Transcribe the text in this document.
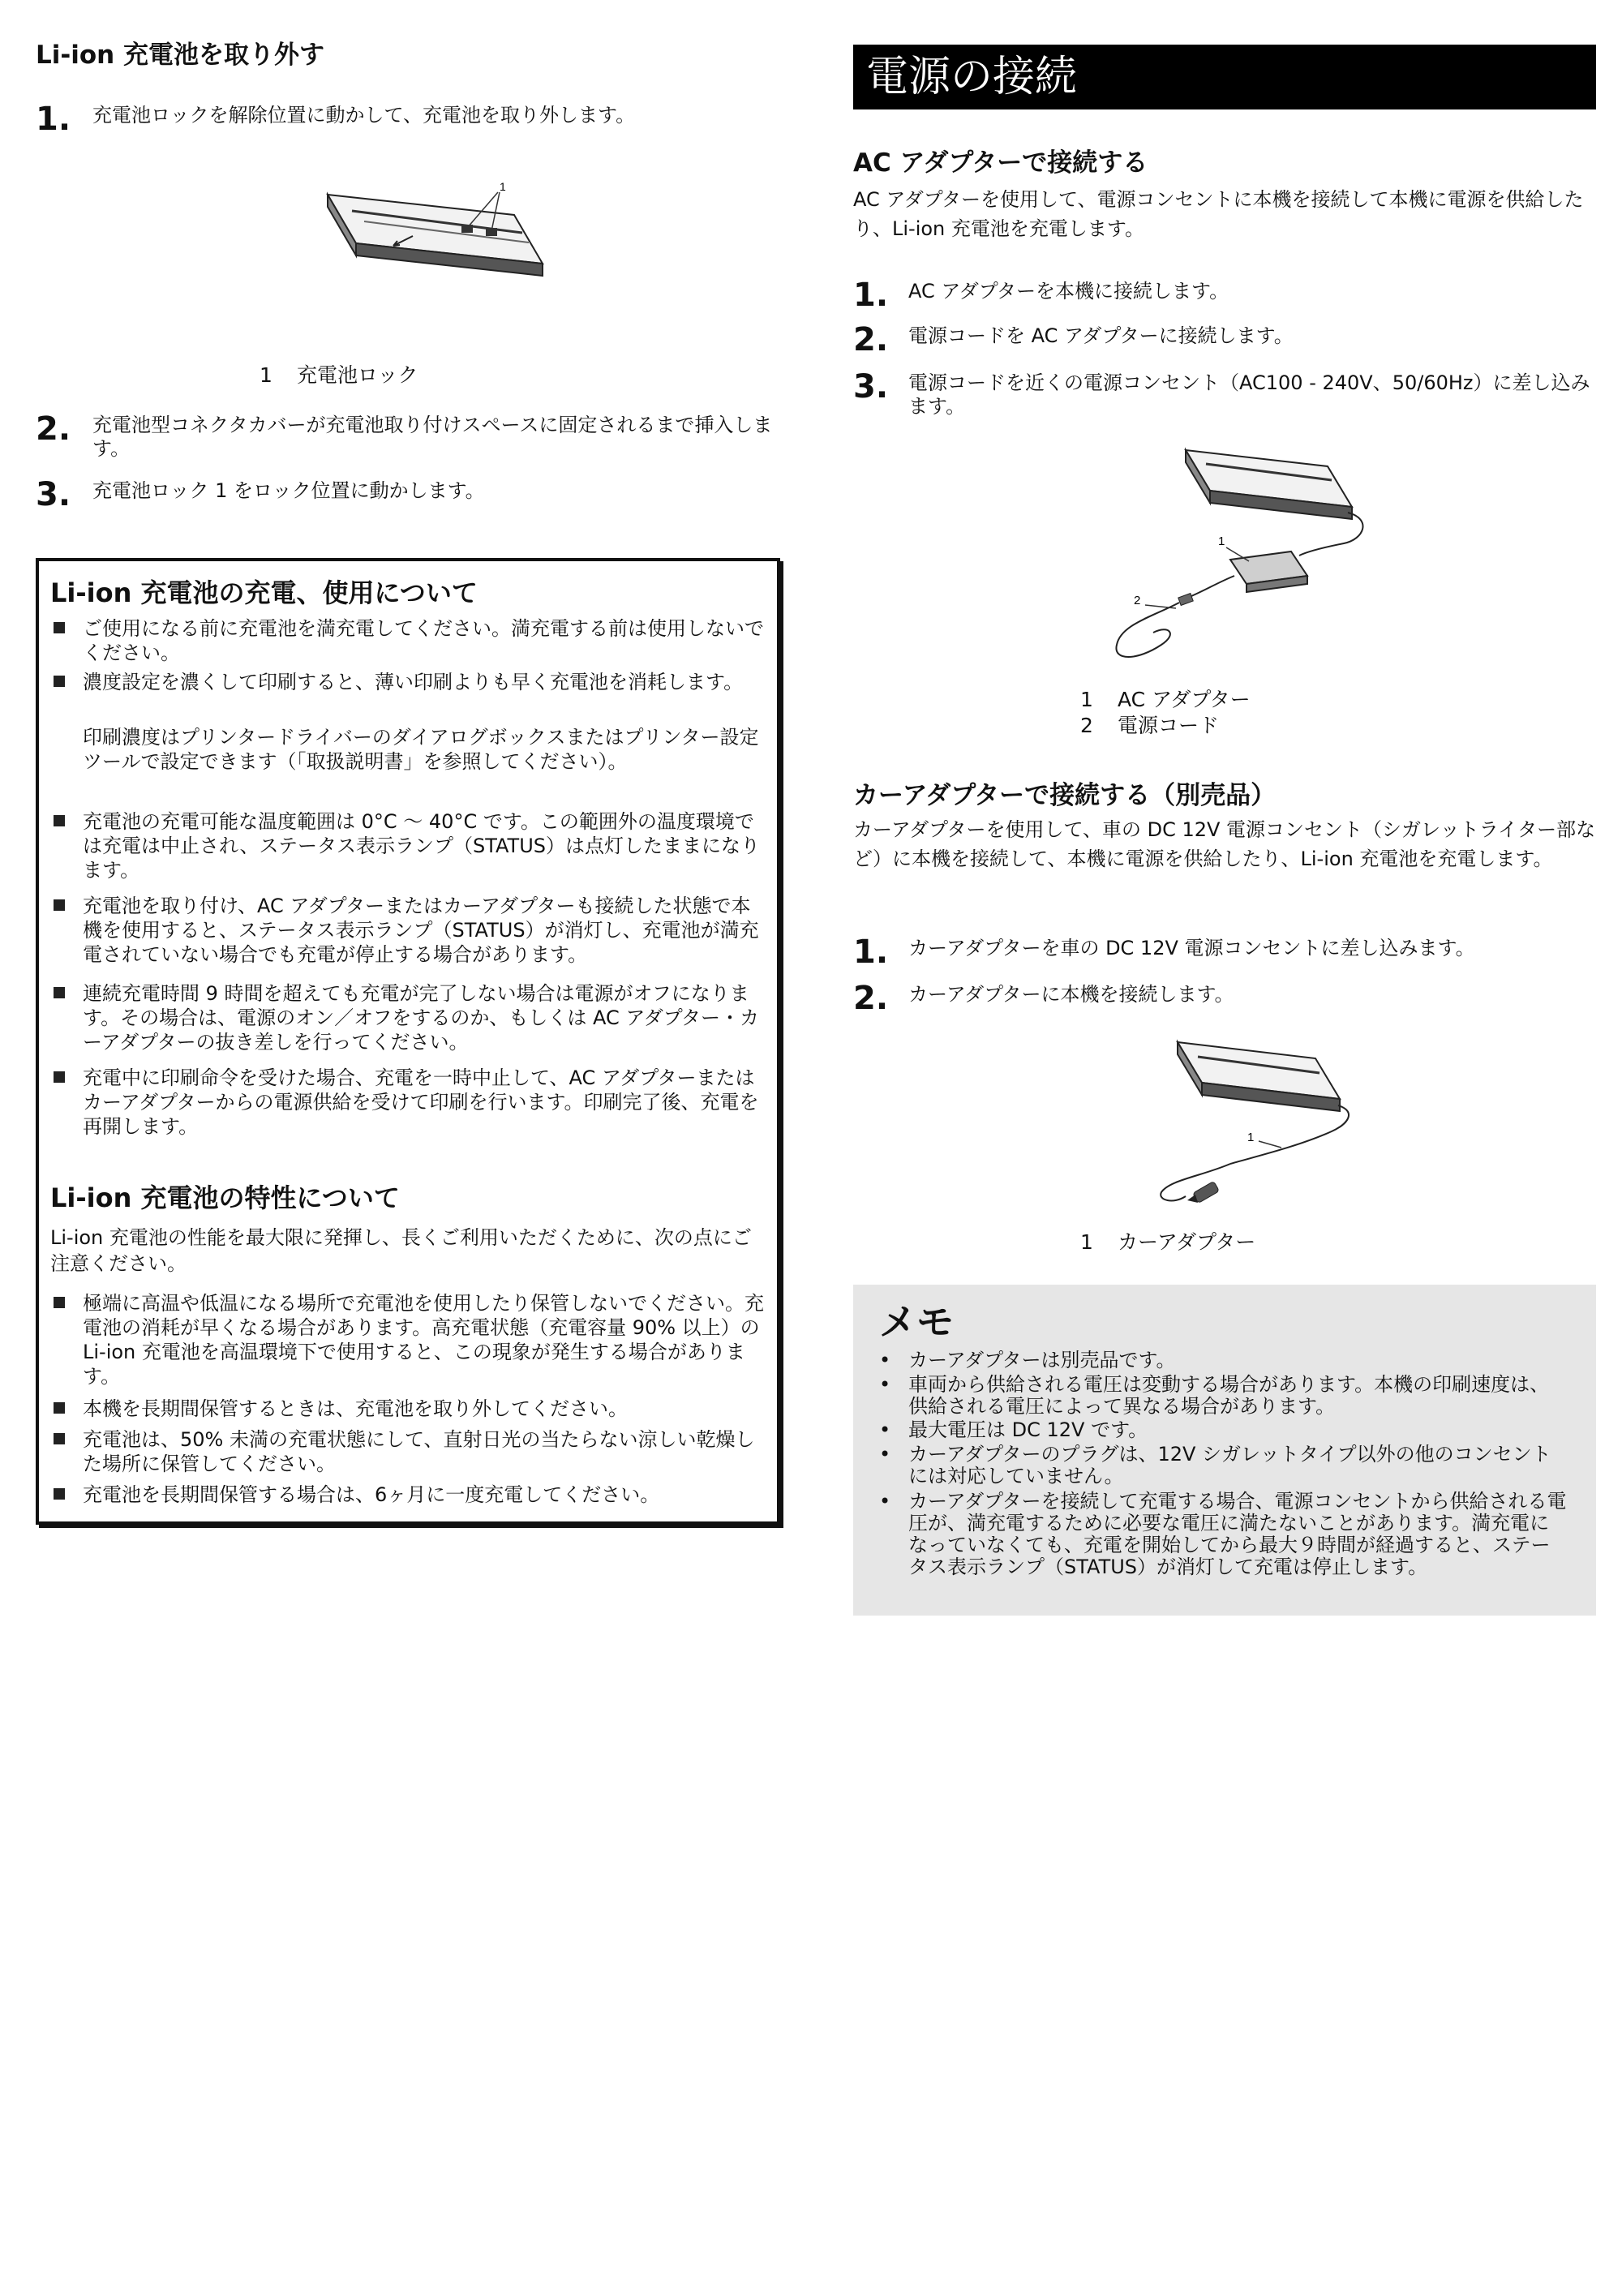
Li-ion 充電池を取り外す
1. 充電池ロックを解除位置に動かして、充電池を取り外します。
1
1 充電池ロック
2. 充電池型コネクタカバーが充電池取り付けスペースに固定されるまで挿入します。
3. 充電池ロック 1 をロック位置に動かします。
Li-ion 充電池の充電、使用について
ご使用になる前に充電池を満充電してください。満充電する前は使用しないでください。
濃度設定を濃くして印刷すると、薄い印刷よりも早く充電池を消耗します。
印刷濃度はプリンタードライバーのダイアログボックスまたはプリンター設定ツールで設定できます（「取扱説明書」を参照してください）。
充電池の充電可能な温度範囲は 0°C ～ 40°C です。この範囲外の温度環境では充電は中止され、ステータス表示ランプ（STATUS）は点灯したままになります。
充電池を取り付け、AC アダプターまたはカーアダプターも接続した状態で本機を使用すると、ステータス表示ランプ（STATUS）が消灯し、充電池が満充電されていない場合でも充電が停止する場合があります。
連続充電時間 9 時間を超えても充電が完了しない場合は電源がオフになります。その場合は、電源のオン／オフをするのか、もしくは AC アダプター・カーアダプターの抜き差しを行ってください。
充電中に印刷命令を受けた場合、充電を一時中止して、AC アダプターまたはカーアダプターからの電源供給を受けて印刷を行います。印刷完了後、充電を再開します。
Li-ion 充電池の特性について
Li-ion 充電池の性能を最大限に発揮し、長くご利用いただくために、次の点にご注意ください。
極端に高温や低温になる場所で充電池を使用したり保管しないでください。充電池の消耗が早くなる場合があります。高充電状態（充電容量 90% 以上）の Li-ion 充電池を高温環境下で使用すると、この現象が発生する場合があります。
本機を長期間保管するときは、充電池を取り外してください。
充電池は、50% 未満の充電状態にして、直射日光の当たらない涼しい乾燥した場所に保管してください。
充電池を長期間保管する場合は、6ヶ月に一度充電してください。
電源の接続
AC アダプターで接続する
AC アダプターを使用して、電源コンセントに本機を接続して本機に電源を供給したり、Li-ion 充電池を充電します。
1. AC アダプターを本機に接続します。
2. 電源コードを AC アダプターに接続します。
3. 電源コードを近くの電源コンセント（AC100 - 240V、50/60Hz）に差し込みます。
1
2
1 AC アダプター
2 電源コード
カーアダプターで接続する（別売品）
カーアダプターを使用して、車の DC 12V 電源コンセント（シガレットライター部など）に本機を接続して、本機に電源を供給したり、Li-ion 充電池を充電します。
1. カーアダプターを車の DC 12V 電源コンセントに差し込みます。
2. カーアダプターに本機を接続します。
1
1 カーアダプター
メモ
• カーアダプターは別売品です。
• 車両から供給される電圧は変動する場合があります。本機の印刷速度は、供給される電圧によって異なる場合があります。
• 最大電圧は DC 12V です。
• カーアダプターのプラグは、12V シガレットタイプ以外の他のコンセントには対応していません。
• カーアダプターを接続して充電する場合、電源コンセントから供給される電圧が、満充電するために必要な電圧に満たないことがあります。満充電になっていなくても、充電を開始してから最大９時間が経過すると、ステータス表示ランプ（STATUS）が消灯して充電は停止します。
